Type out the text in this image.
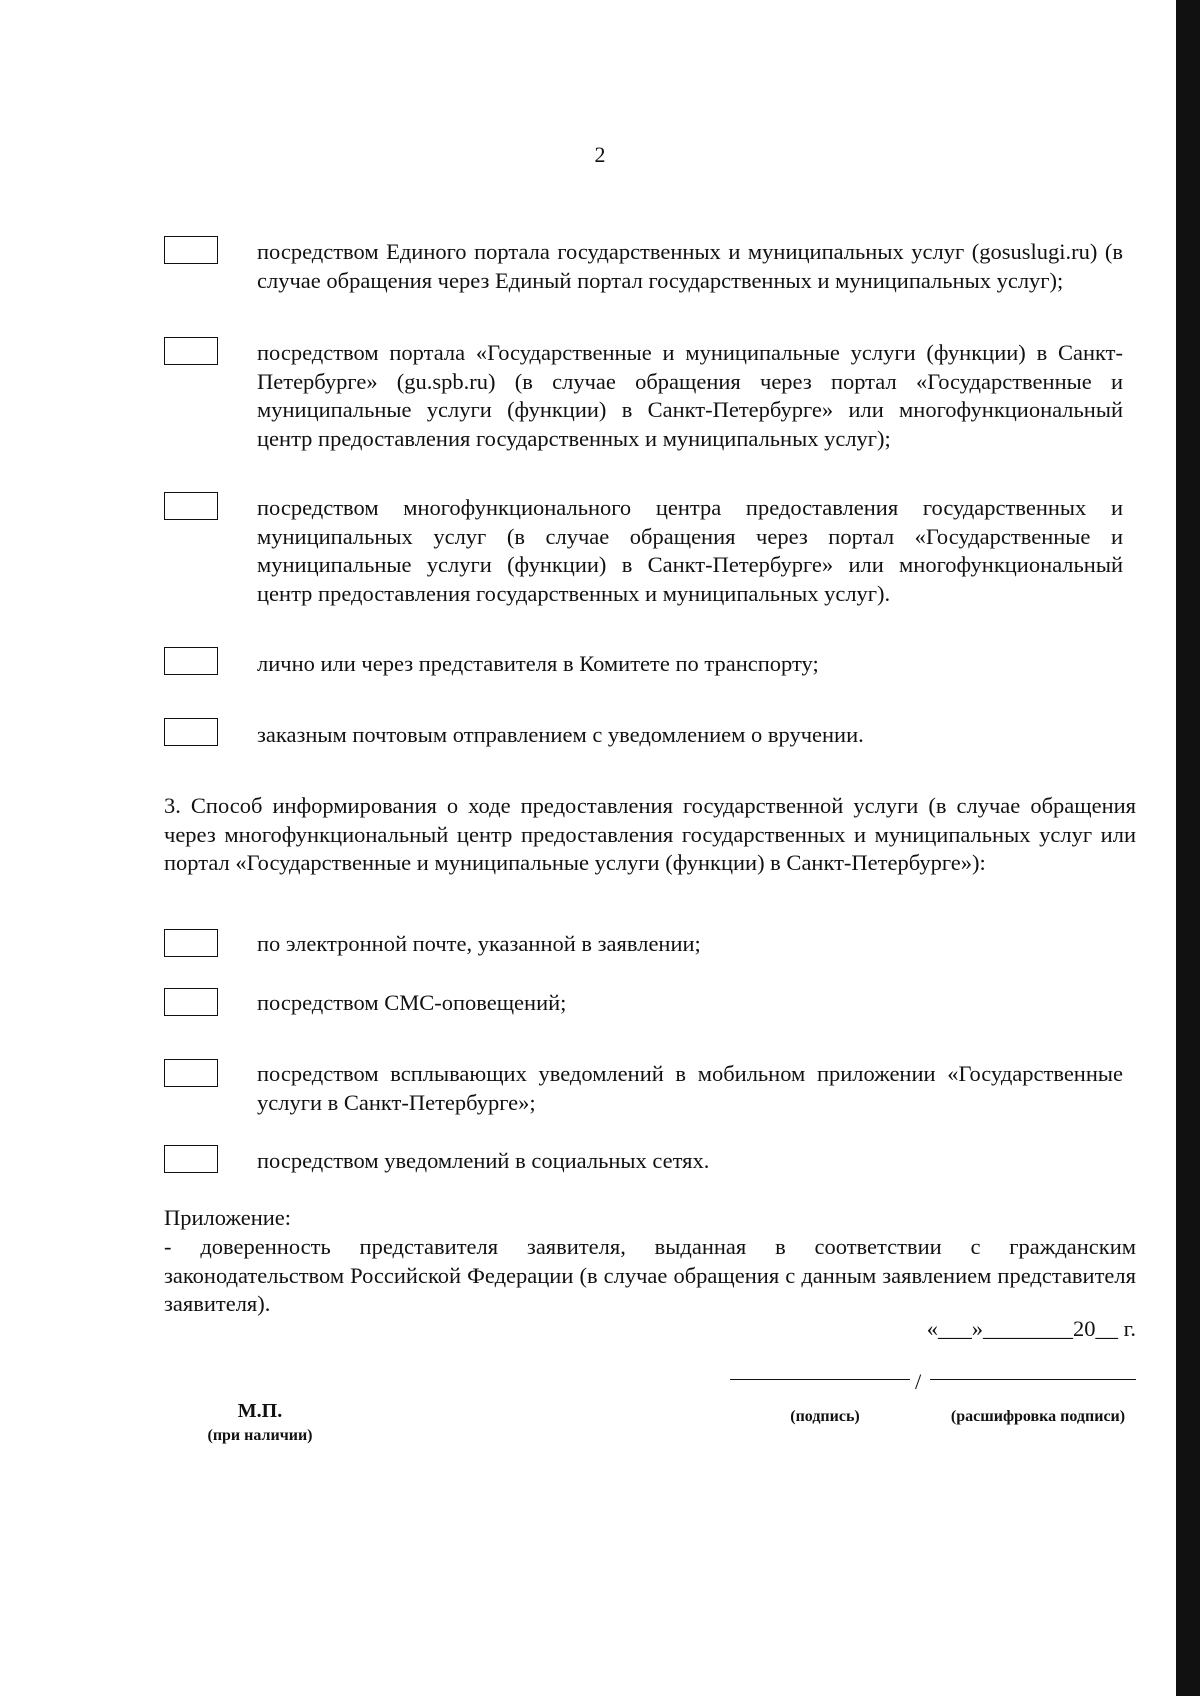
2
посредством Единого портала государственных и муниципальных услуг (gosuslugi.ru) (в случае обращения через Единый портал государственных и муниципальных услуг);
посредством портала «Государственные и муниципальные услуги (функции) в Санкт-Петербурге» (gu.spb.ru) (в случае обращения через портал «Государственные и муниципальные услуги (функции) в Санкт-Петербурге» или многофункциональный центр предоставления государственных и муниципальных услуг);
посредством многофункционального центра предоставления государственных и муниципальных услуг (в случае обращения через портал «Государственные и муниципальные услуги (функции) в Санкт-Петербурге» или многофункциональный центр предоставления государственных и муниципальных услуг).
лично или через представителя в Комитете по транспорту;
заказным почтовым отправлением с уведомлением о вручении.
3. Способ информирования о ходе предоставления государственной услуги (в случае обращения через многофункциональный центр предоставления государственных и муниципальных услуг или портал «Государственные и муниципальные услуги (функции) в Санкт-Петербурге»):
по электронной почте, указанной в заявлении;
посредством СМС-оповещений;
посредством всплывающих уведомлений в мобильном приложении «Государственные услуги в Санкт-Петербурге»;
посредством уведомлений в социальных сетях.
Приложение:
- доверенность представителя заявителя, выданная в соответствии с гражданским законодательством Российской Федерации (в случае обращения с данным заявлением представителя заявителя).
«___»________20__ г.
/
(подпись)	(расшифровка подписи)
М.П.
(при наличии)
